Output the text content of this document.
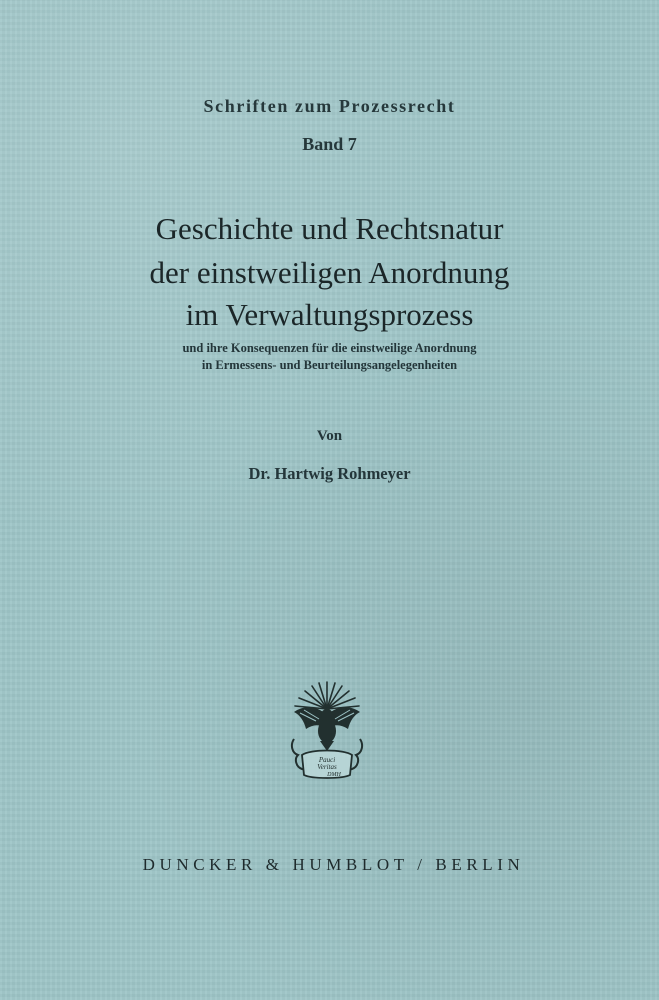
Schriften zum Prozessrecht
Band 7
Geschichte und Rechtsnatur
der einstweiligen Anordnung
im Verwaltungsprozess
und ihre Konsequenzen für die einstweilige Anordnung
in Ermessens- und Beurteilungsangelegenheiten
Von
Dr. Hartwig Rohmeyer
Pauci
Veritas
DMH
DUNCKER & HUMBLOT / BERLIN
